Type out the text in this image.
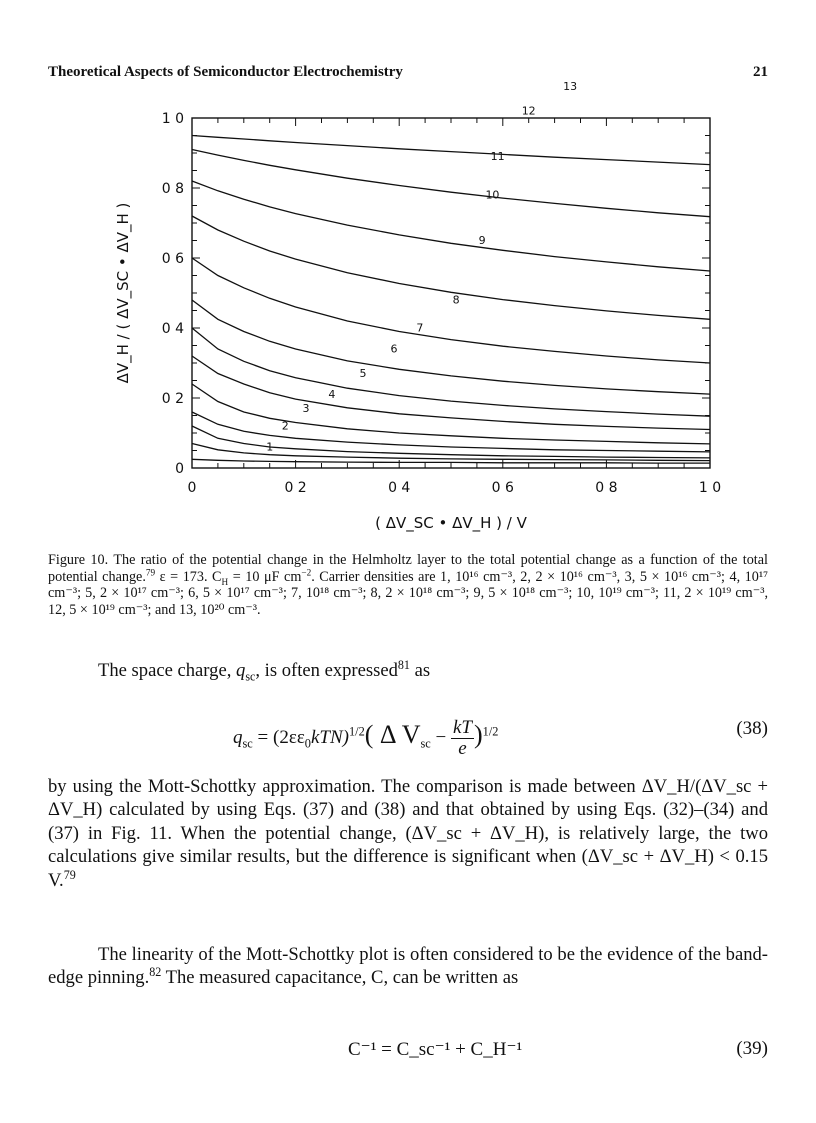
Theoretical Aspects of Semiconductor Electrochemistry	21
0	0 2	0 4	0 6	0 8	1 0
0
0 2
0 4
0 6
0 8
1 0
1
2
3
4
5
6
7
8
9
10
11
12
13
( ΔV_SC • ΔV_H ) / V
ΔV_H / ( ΔV_SC • ΔV_H )
Figure 10. The ratio of the potential change in the Helmholtz layer to the total potential change as a function of the total potential change.$^{79}$ ε = 173. $C_H = 10$ μF $cm^{-2}$. Carrier densities are 1, 10¹⁶ cm⁻³, 2, 2 × 10¹⁶ cm⁻³, 3, 5 × 10¹⁶ cm⁻³; 4, 10¹⁷ cm⁻³; 5, 2 × 10¹⁷ cm⁻³; 6, 5 × 10¹⁷ cm⁻³; 7, 10¹⁸ cm⁻³; 8, 2 × 10¹⁸ cm⁻³; 9, 5 × 10¹⁸ cm⁻³; 10, 10¹⁹ cm⁻³; 11, 2 × 10¹⁹ cm⁻³, 12, 5 × 10¹⁹ cm⁻³; and 13, 10²⁰ cm⁻³.
The space charge, $q_{sc}$, is often expressed$^{81}$ as
$q_{sc} = (2\varepsilon\varepsilon_0kTN)^{1/2}$( Δ $V_{sc} - \frac{kT}{e} )^{1/2}$	(38)
by using the Mott-Schottky approximation. The comparison is made between ΔV_H/(ΔV_sc + ΔV_H) calculated by using Eqs. (37) and (38) and that obtained by using Eqs. (32)–(34) and (37) in Fig. 11. When the potential change, (ΔV_sc + ΔV_H), is relatively large, the two calculations give similar results, but the difference is significant when (ΔV_sc + ΔV_H) < 0.15 V.$^{79}$
The linearity of the Mott-Schottky plot is often considered to be the evidence of the band-edge pinning.$^{82}$ The measured capacitance, C, can be written as
C⁻¹ = C_sc⁻¹ + C_H⁻¹	(39)
